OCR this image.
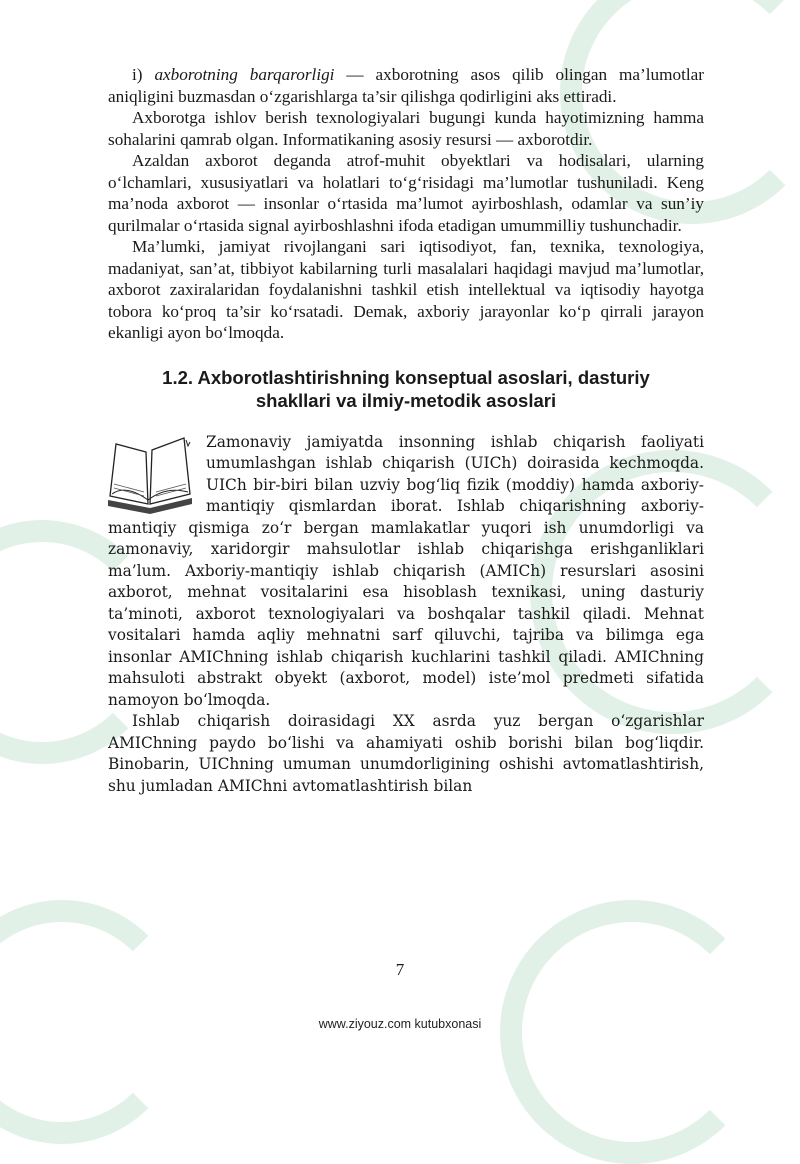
i) axborotning barqarorligi — axborotning asos qilib olingan ma’lumotlar aniqligini buzmasdan o‘zgarishlarga ta’sir qilishga qodirligini aks ettiradi.

Axborotga ishlov berish texnologiyalari bugungi kunda hayotimizning hamma sohalarini qamrab olgan. Informatikaning asosiy resursi — axborotdir.

Azaldan axborot deganda atrof-muhit obyektlari va hodisalari, ularning o‘lchamlari, xususiyatlari va holatlari to‘g‘risidagi ma’lumotlar tushuniladi. Keng ma’noda axborot — insonlar o‘rtasida ma’lumot ayirboshlash, odamlar va sun’iy qurilmalar o‘rtasida signal ayirboshlashni ifoda etadigan umummilliy tushunchadir.

Ma’lumki, jamiyat rivojlangani sari iqtisodiyot, fan, texnika, texnologiya, madaniyat, san’at, tibbiyot kabilarning turli masalalari haqidagi mavjud ma’lumotlar, axborot zaxiralaridan foydalanishni tashkil etish intellektual va iqtisodiy hayotga tobora ko‘proq ta’sir ko‘rsatadi. Demak, axboriy jarayonlar ko‘p qirrali jarayon ekanligi ayon bo‘lmoqda.

1.2. Axborotlashtirishning konseptual asoslari, dasturiy
shakllari va ilmiy-metodik asoslari

Zamonaviy jamiyatda insonning ishlab chiqarish faoliyati umumlashgan ishlab chiqarish (UICh) doirasida kechmoqda. UICh bir-biri bilan uzviy bog‘liq fizik (moddiy) hamda axboriy-mantiqiy qismlardan iborat. Ishlab chiqarishning axboriy-mantiqiy qismiga zo‘r bergan mamlakatlar yuqori ish unumdorligi va zamonaviy, xaridorgir mahsulotlar ishlab chiqarishga erishganliklari ma’lum. Axboriy-mantiqiy ishlab chiqarish (AMICh) resurslari asosini axborot, mehnat vositalarini esa hisoblash texnikasi, uning dasturiy ta’minoti, axborot texnologiyalari va boshqalar tashkil qiladi. Mehnat vositalari hamda aqliy mehnatni sarf qiluvchi, tajriba va bilimga ega insonlar AMIChning ishlab chiqarish kuchlarini tashkil qiladi. AMIChning mahsuloti abstrakt obyekt (axborot, model) iste’mol predmeti sifatida namoyon bo‘lmoqda.

Ishlab chiqarish doirasidagi XX asrda yuz bergan o‘zgarishlar AMIChning paydo bo‘lishi va ahamiyati oshib borishi bilan bog‘liqdir. Binobarin, UIChning umuman unumdorligining oshishi avtomatlashtirish, shu jumladan AMIChni avtomatlashtirish bilan

7
www.ziyouz.com kutubxonasi
